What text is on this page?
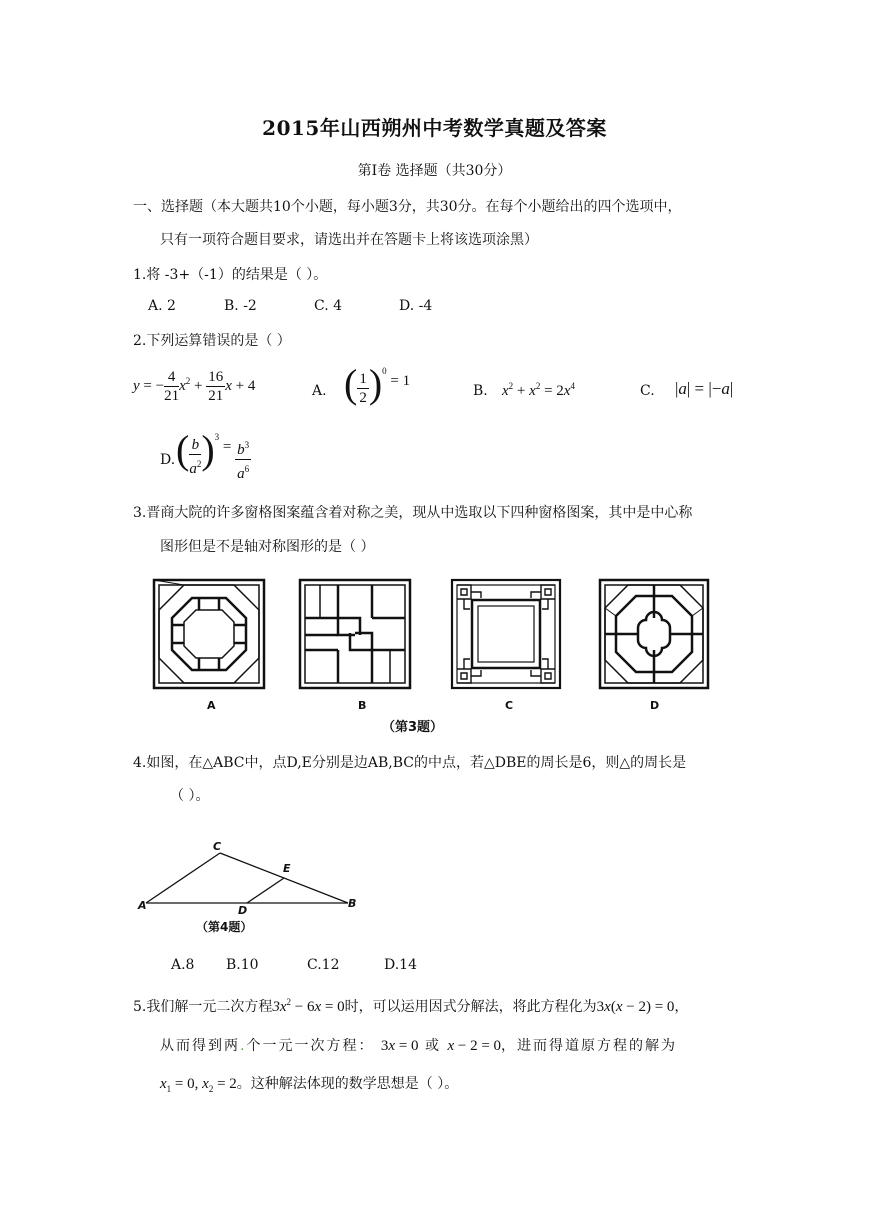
2015年山西朔州中考数学真题及答案
第Ⅰ卷 选择题（共30分）
一、选择题（本大题共10个小题，每小题3分，共30分。在每个小题给出的四个选项中，
只有一项符合题目要求，请选出并在答题卡上将该选项涂黑）
1.将 -3+（-1）的结果是（ ）。
A. 2	B. -2	C. 4	D. -4
2.下列运算错误的是（ ）
y = − $\frac{4}{21} x^2 + \frac{16}{21}$ x + 4	A. ( $\frac{1}{2} )^0 = 1$
B. $x^2 + x^2 = 2x^4$	C. |a| = |−a|
D. ( $\frac{b}{a^2} )^3 = \frac{b^3}{a^6}$
3.晋商大院的许多窗格图案蕴含着对称之美，现从中选取以下四种窗格图案，其中是中心称
图形但是不是轴对称图形的是（ ）
A	B	C	D
（第3题）
4.如图，在△ABC中，点D,E分别是边AB,BC的中点，若△DBE的周长是6，则△的周长是
（ ）。
A	B
C
D
E
（第4题）
A.8 B.10	C.12	D.14
5.我们解一元二次方程$3x^2 - 6x = 0$时，可以运用因式分解法，将此方程化为3x(x − 2) = 0，
从而得到两.个一元一次方程： 3x = 0 或 x − 2 = 0，进而得道原方程的解为
$x_1 = 0$, $x_2 = 2$。这种解法体现的数学思想是（ ）。
